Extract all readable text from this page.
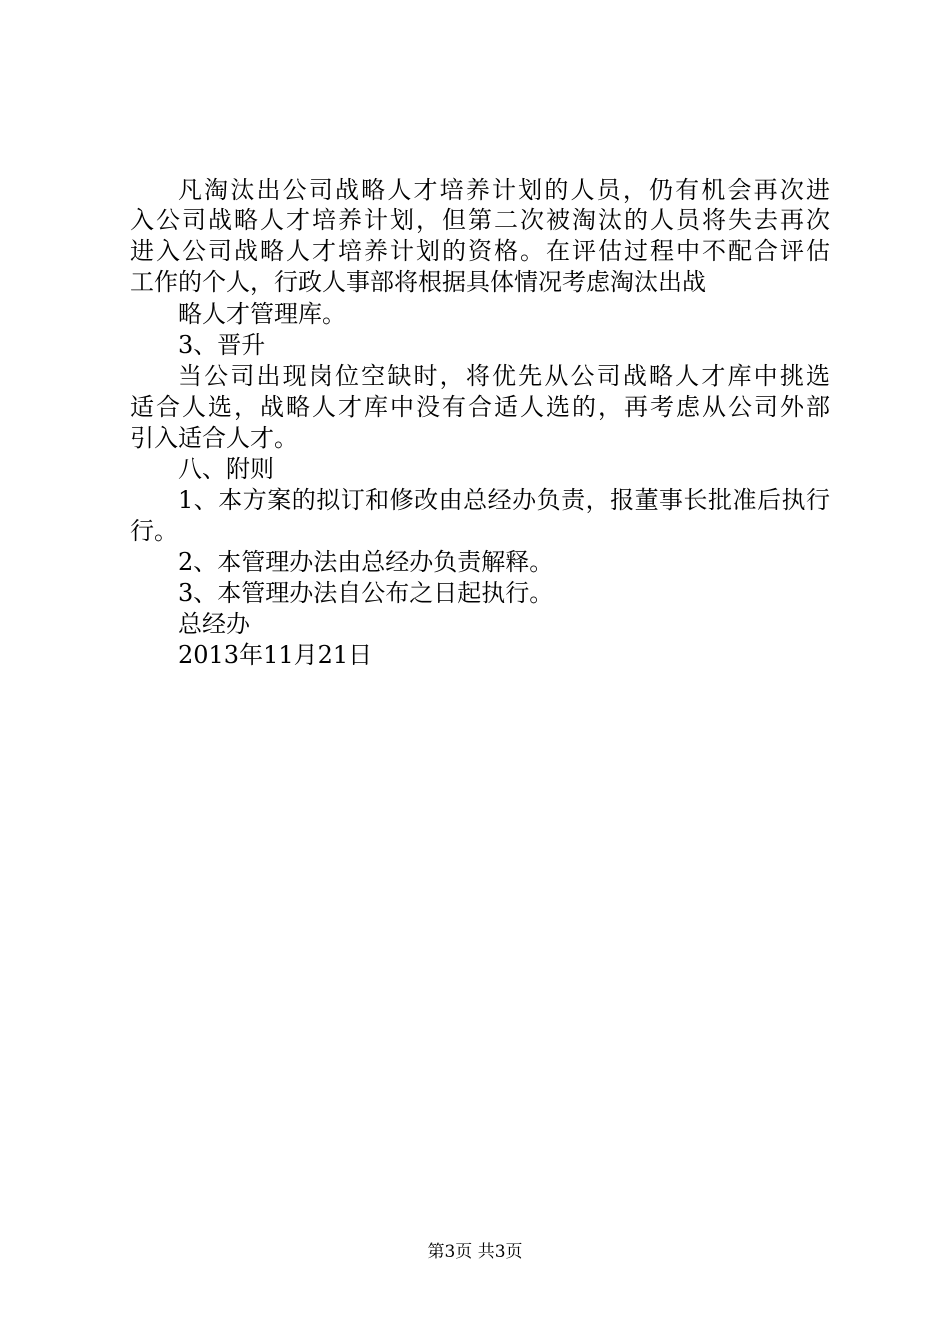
凡淘汰出公司战略人才培养计划的人员，仍有机会再次进
入公司战略人才培养计划，但第二次被淘汰的人员将失去再次
进入公司战略人才培养计划的资格。在评估过程中不配合评估
工作的个人，行政人事部将根据具体情况考虑淘汰出战
略人才管理库。
3、晋升
当公司出现岗位空缺时，将优先从公司战略人才库中挑选
适合人选，战略人才库中没有合适人选的，再考虑从公司外部
引入适合人才。
八、附则
1、本方案的拟订和修改由总经办负责，报董事长批准后执行
行。
2、本管理办法由总经办负责解释。
3、本管理办法自公布之日起执行。
总经办
2013年11月21日
第3页 共3页
